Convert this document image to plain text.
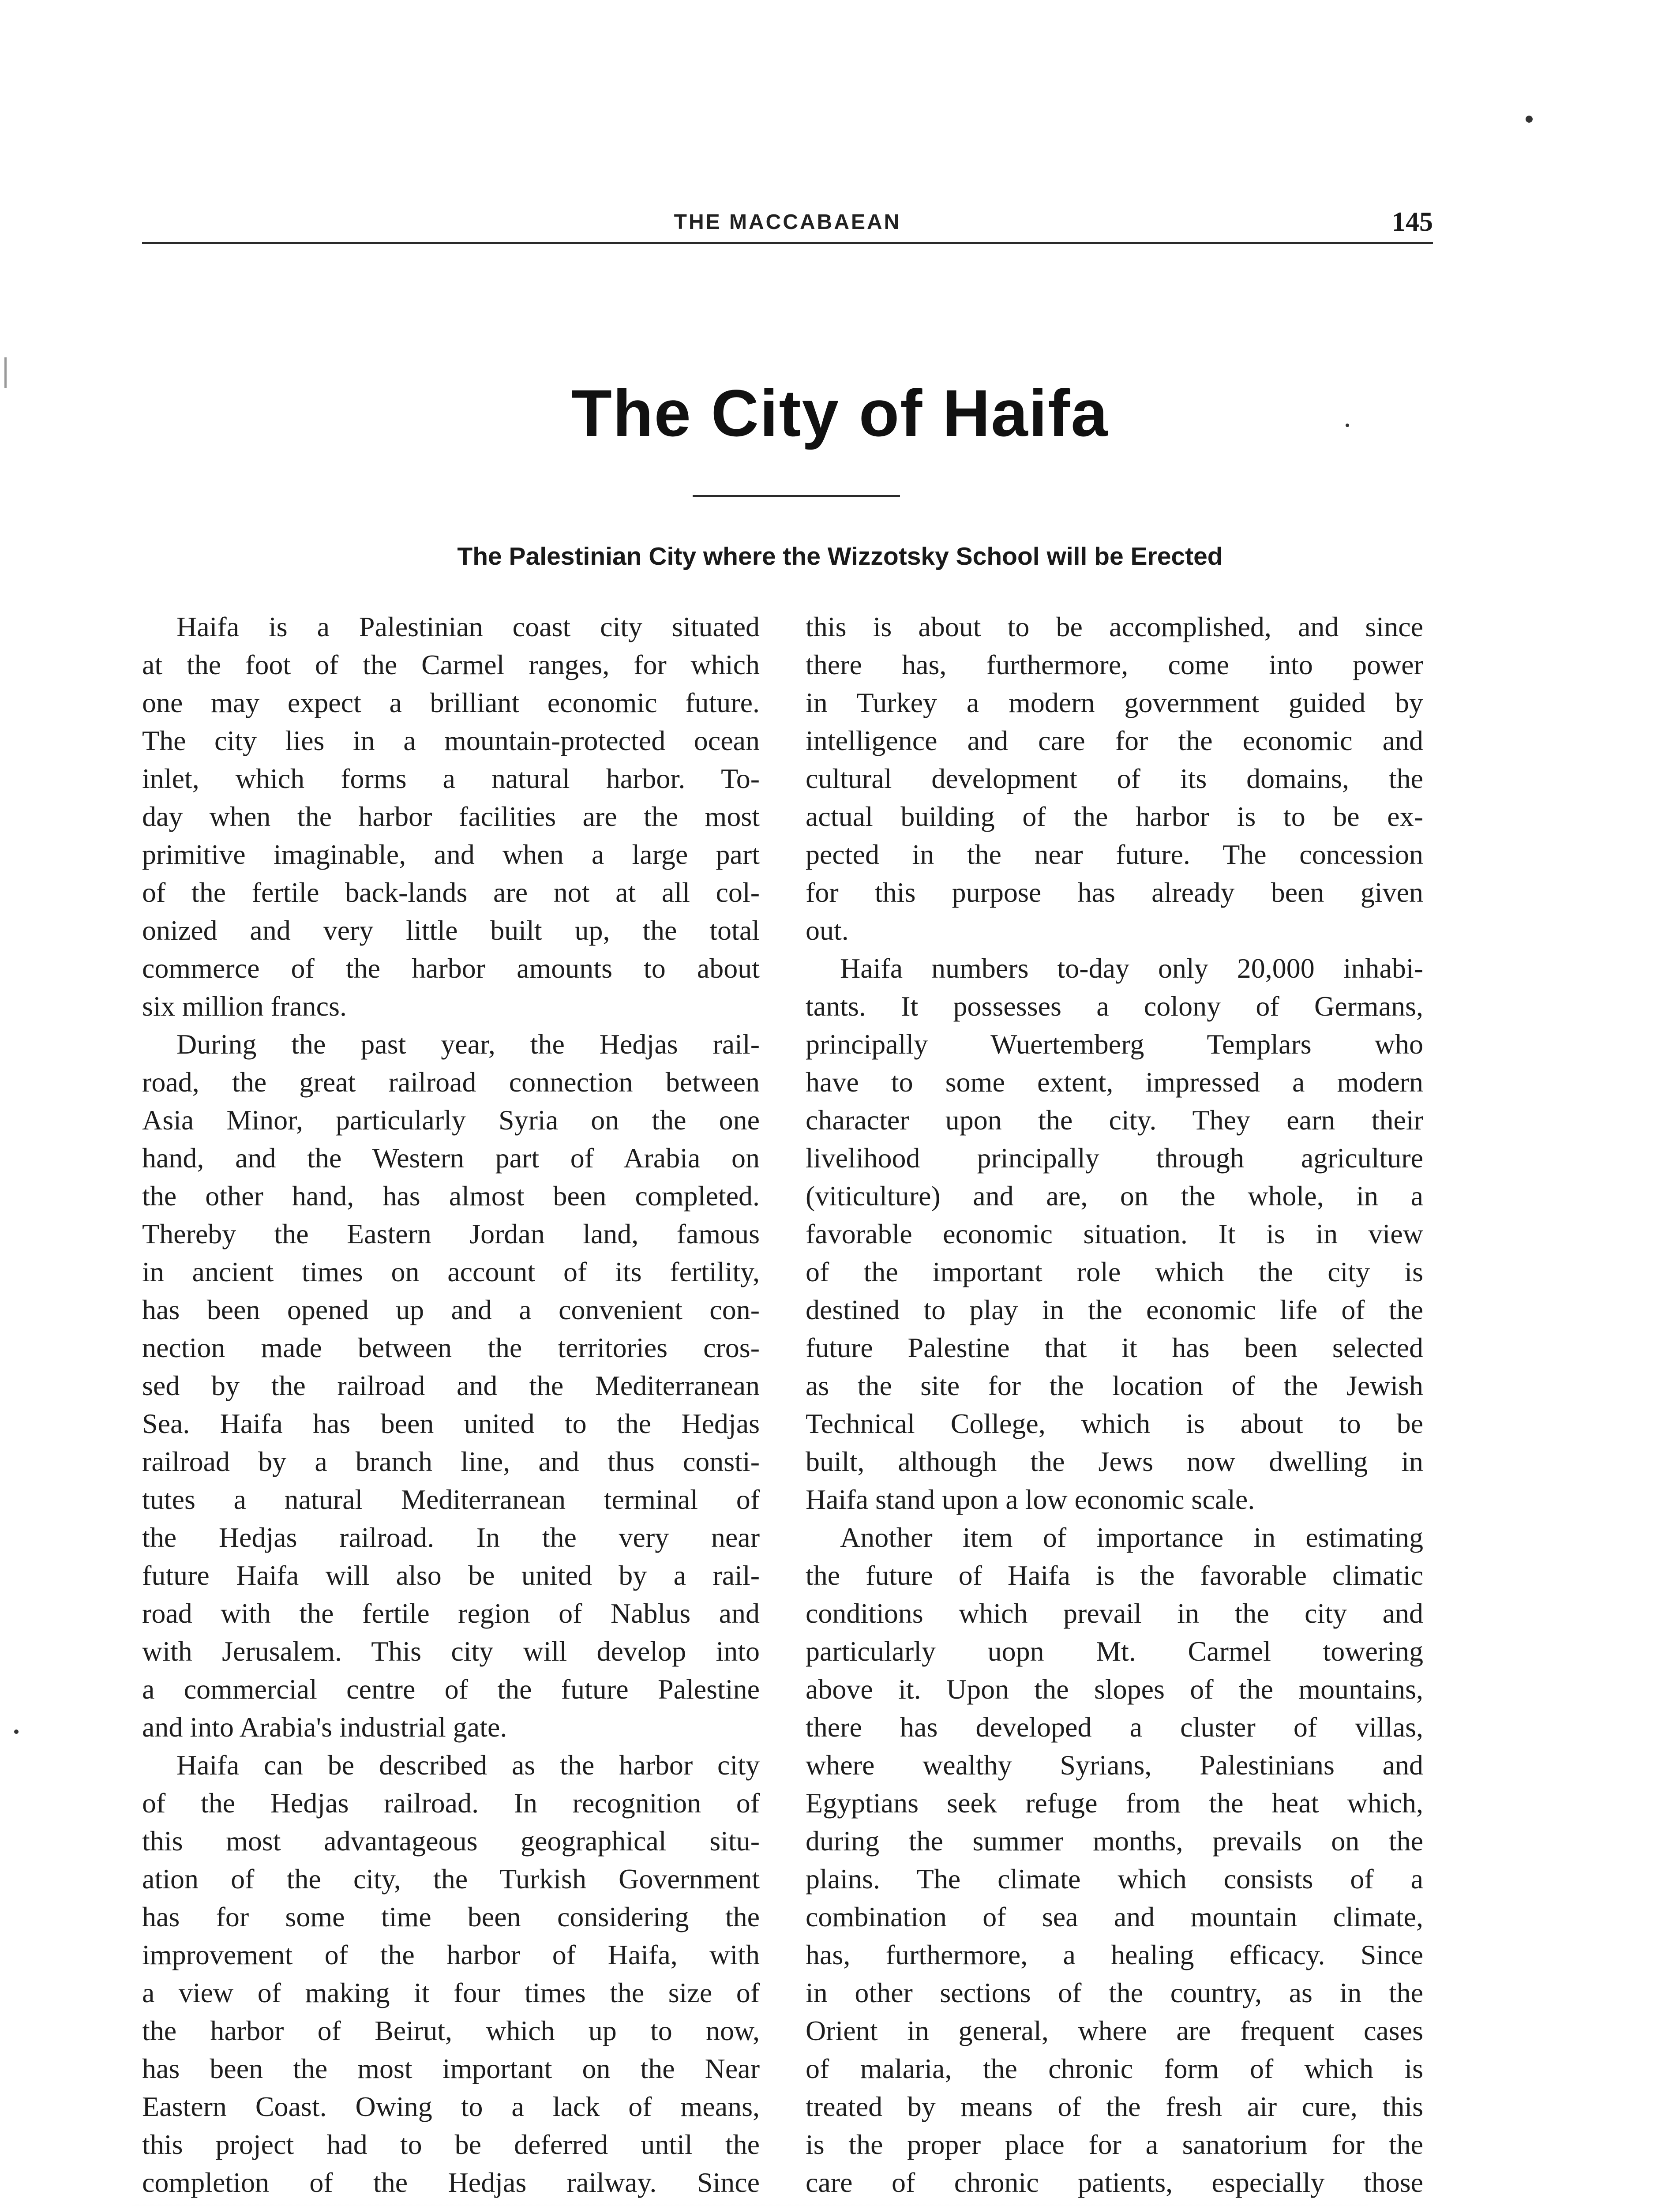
THE MACCABAEAN	145
The City of Haifa
The Palestinian City where the Wizzotsky School will be Erected
Haifa is a Palestinian coast city situated
at the foot of the Carmel ranges, for which
one may expect a brilliant economic future.
The city lies in a mountain-protected ocean
inlet, which forms a natural harbor. To-
day when the harbor facilities are the most
primitive imaginable, and when a large part
of the fertile back-lands are not at all col-
onized and very little built up, the total
commerce of the harbor amounts to about
six million francs.
During the past year, the Hedjas rail-
road, the great railroad connection between
Asia Minor, particularly Syria on the one
hand, and the Western part of Arabia on
the other hand, has almost been completed.
Thereby the Eastern Jordan land, famous
in ancient times on account of its fertility,
has been opened up and a convenient con-
nection made between the territories cros-
sed by the railroad and the Mediterranean
Sea. Haifa has been united to the Hedjas
railroad by a branch line, and thus consti-
tutes a natural Mediterranean terminal of
the Hedjas railroad. In the very near
future Haifa will also be united by a rail-
road with the fertile region of Nablus and
with Jerusalem. This city will develop into
a commercial centre of the future Palestine
and into Arabia's industrial gate.
Haifa can be described as the harbor city
of the Hedjas railroad. In recognition of
this most advantageous geographical situ-
ation of the city, the Turkish Government
has for some time been considering the
improvement of the harbor of Haifa, with
a view of making it four times the size of
the harbor of Beirut, which up to now,
has been the most important on the Near
Eastern Coast. Owing to a lack of means,
this project had to be deferred until the
completion of the Hedjas railway. Since
this is about to be accomplished, and since
there has, furthermore, come into power
in Turkey a modern government guided by
intelligence and care for the economic and
cultural development of its domains, the
actual building of the harbor is to be ex-
pected in the near future. The concession
for this purpose has already been given
out.
Haifa numbers to-day only 20,000 inhabi-
tants. It possesses a colony of Germans,
principally Wuertemberg Templars who
have to some extent, impressed a modern
character upon the city. They earn their
livelihood principally through agriculture
(viticulture) and are, on the whole, in a
favorable economic situation. It is in view
of the important role which the city is
destined to play in the economic life of the
future Palestine that it has been selected
as the site for the location of the Jewish
Technical College, which is about to be
built, although the Jews now dwelling in
Haifa stand upon a low economic scale.
Another item of importance in estimating
the future of Haifa is the favorable climatic
conditions which prevail in the city and
particularly uopn Mt. Carmel towering
above it. Upon the slopes of the mountains,
there has developed a cluster of villas,
where wealthy Syrians, Palestinians and
Egyptians seek refuge from the heat which,
during the summer months, prevails on the
plains. The climate which consists of a
combination of sea and mountain climate,
has, furthermore, a healing efficacy. Since
in other sections of the country, as in the
Orient in general, where are frequent cases
of malaria, the chronic form of which is
treated by means of the fresh air cure, this
is the proper place for a sanatorium for the
care of chronic patients, especially those
